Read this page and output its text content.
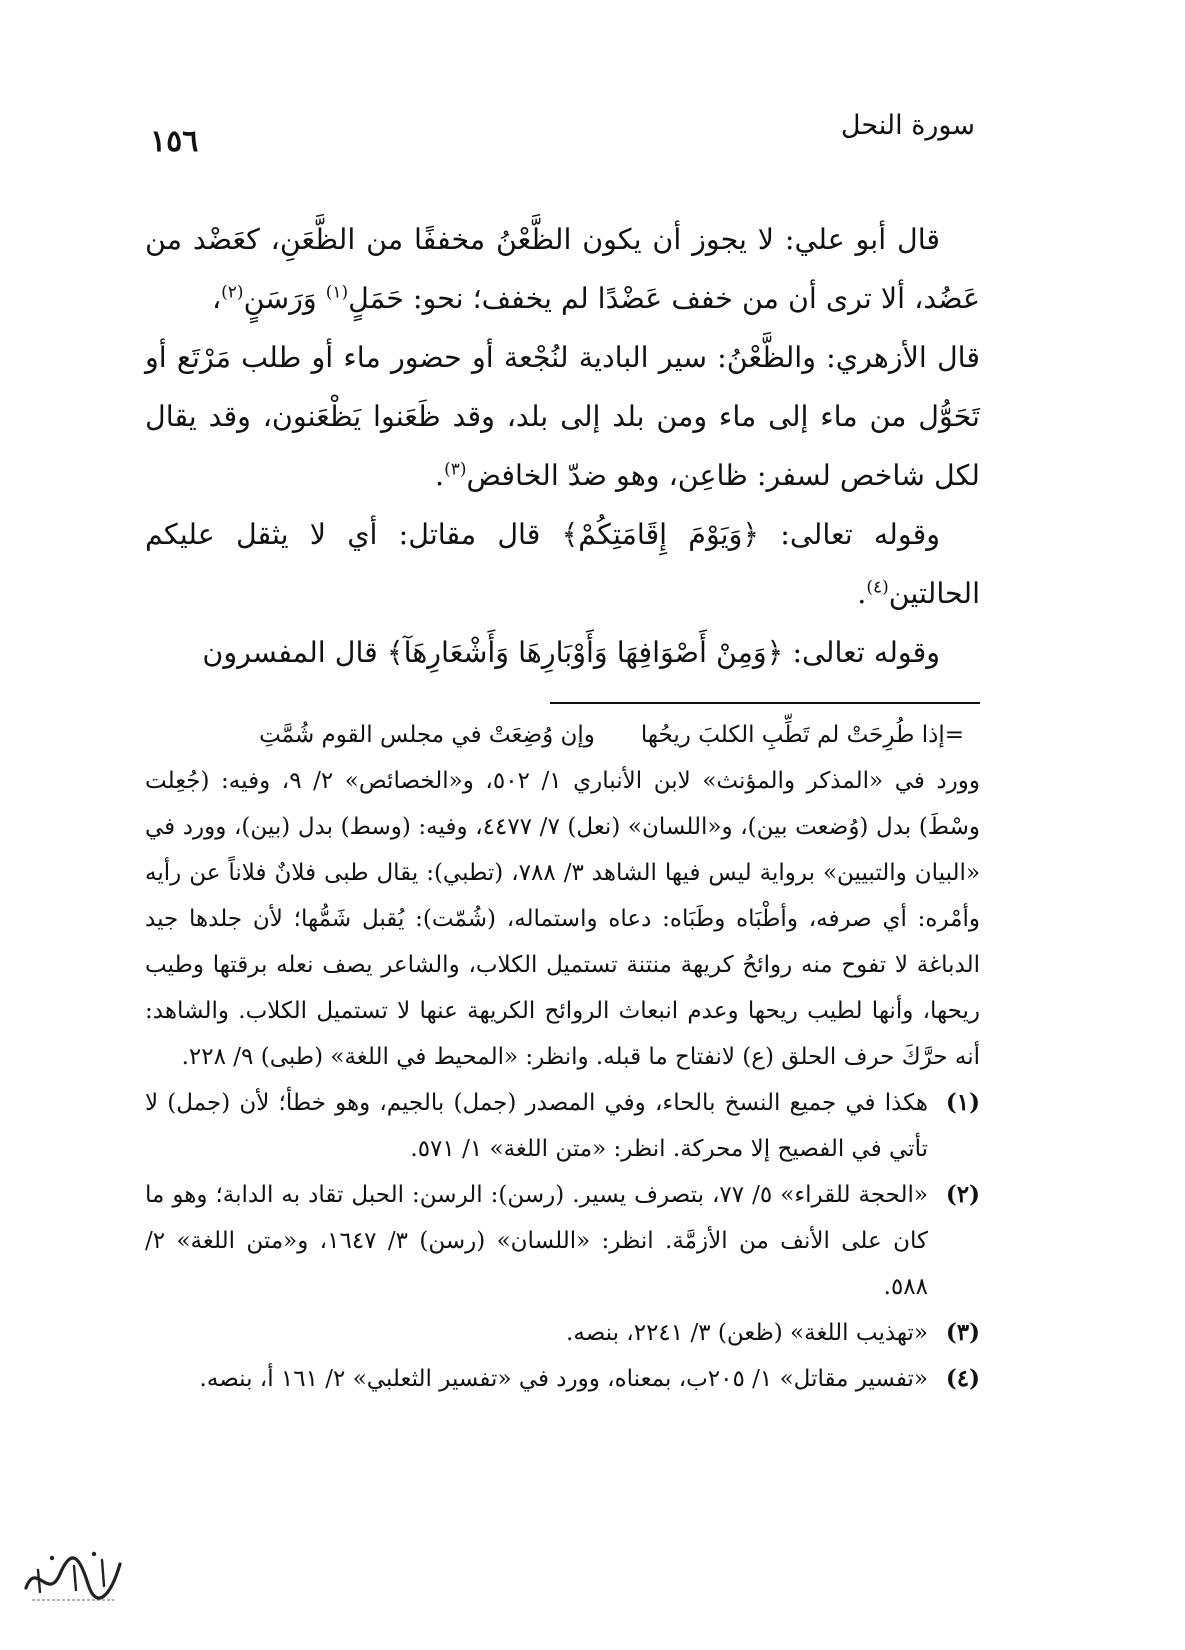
١٥٦	سورة النحل

قال أبو علي: لا يجوز أن يكون الظَّعْنُ مخففًا من الظَّعَنِ، كعَضْد من عَضُد، ألا ترى أن من خفف عَضْدًا لم يخفف؛ نحو: حَمَلٍ$^{(١)}$ وَرَسَنٍ$^{(٢)}$،

قال الأزهري: والظَّعْنُ: سير البادية لنُجْعة أو حضور ماء أو طلب مَرْتَع أو تَحَوُّل من ماء إلى ماء ومن بلد إلى بلد، وقد ظَعَنوا يَظْعَنون، وقد يقال لكل شاخص لسفر: ظاعِن، وهو ضدّ الخافض$^{(٣)}$.

وقوله تعالى: ﴿وَيَوْمَ إِقَامَتِكُمْ﴾ قال مقاتل: أي لا يثقل عليكم الحالتين$^{(٤)}$.

وقوله تعالى: ﴿وَمِنْ أَصْوَافِهَا وَأَوْبَارِهَا وَأَشْعَارِهَآ﴾ قال المفسرون

=إذا طُرِحَتْ لم تَطِّبِ الكلبَ ريحُها
وإن وُضِعَتْ في مجلس القوم شُمَّتِ

وورد في «المذكر والمؤنث» لابن الأنباري ١/ ٥٠٢، و«الخصائص» ٢/ ٩، وفيه: (جُعِلت وسْطَ) بدل (وُضعت بين)، و«اللسان» (نعل) ٧/ ٤٤٧٧، وفيه: (وسط) بدل (بين)، وورد في «البيان والتبيين» برواية ليس فيها الشاهد ٣/ ٧٨٨، (تطبي): يقال طبى فلانٌ فلاناً عن رأيه وأمْره: أي صرفه، وأطْبَاه وطَبَاه: دعاه واستماله، (شُمّت): يُقبل شَمُّها؛ لأن جلدها جيد الدباغة لا تفوح منه روائحُ كريهة منتنة تستميل الكلاب، والشاعر يصف نعله برقتها وطيب ريحها، وأنها لطيب ريحها وعدم انبعاث الروائح الكريهة عنها لا تستميل الكلاب. والشاهد: أنه حرَّكَ حرف الحلق (ع) لانفتاح ما قبله. وانظر: «المحيط في اللغة» (طبى) ٩/ ٢٢٨.

(١)
هكذا في جميع النسخ بالحاء، وفي المصدر (جمل) بالجيم، وهو خطأ؛ لأن (جمل) لا تأتي في الفصيح إلا محركة. انظر: «متن اللغة» ١/ ٥٧١.

(٢)
«الحجة للقراء» ٥/ ٧٧، بتصرف يسير. (رسن): الرسن: الحبل تقاد به الدابة؛ وهو ما كان على الأنف من الأزمَّة. انظر: «اللسان» (رسن) ٣/ ١٦٤٧، و«متن اللغة» ٢/ ٥٨٨.

(٣)
«تهذيب اللغة» (ظعن) ٣/ ٢٢٤١، بنصه.

(٤)
«تفسير مقاتل» ١/ ٢٠٥ب، بمعناه، وورد في «تفسير الثعلبي» ٢/ ١٦١ أ، بنصه.
